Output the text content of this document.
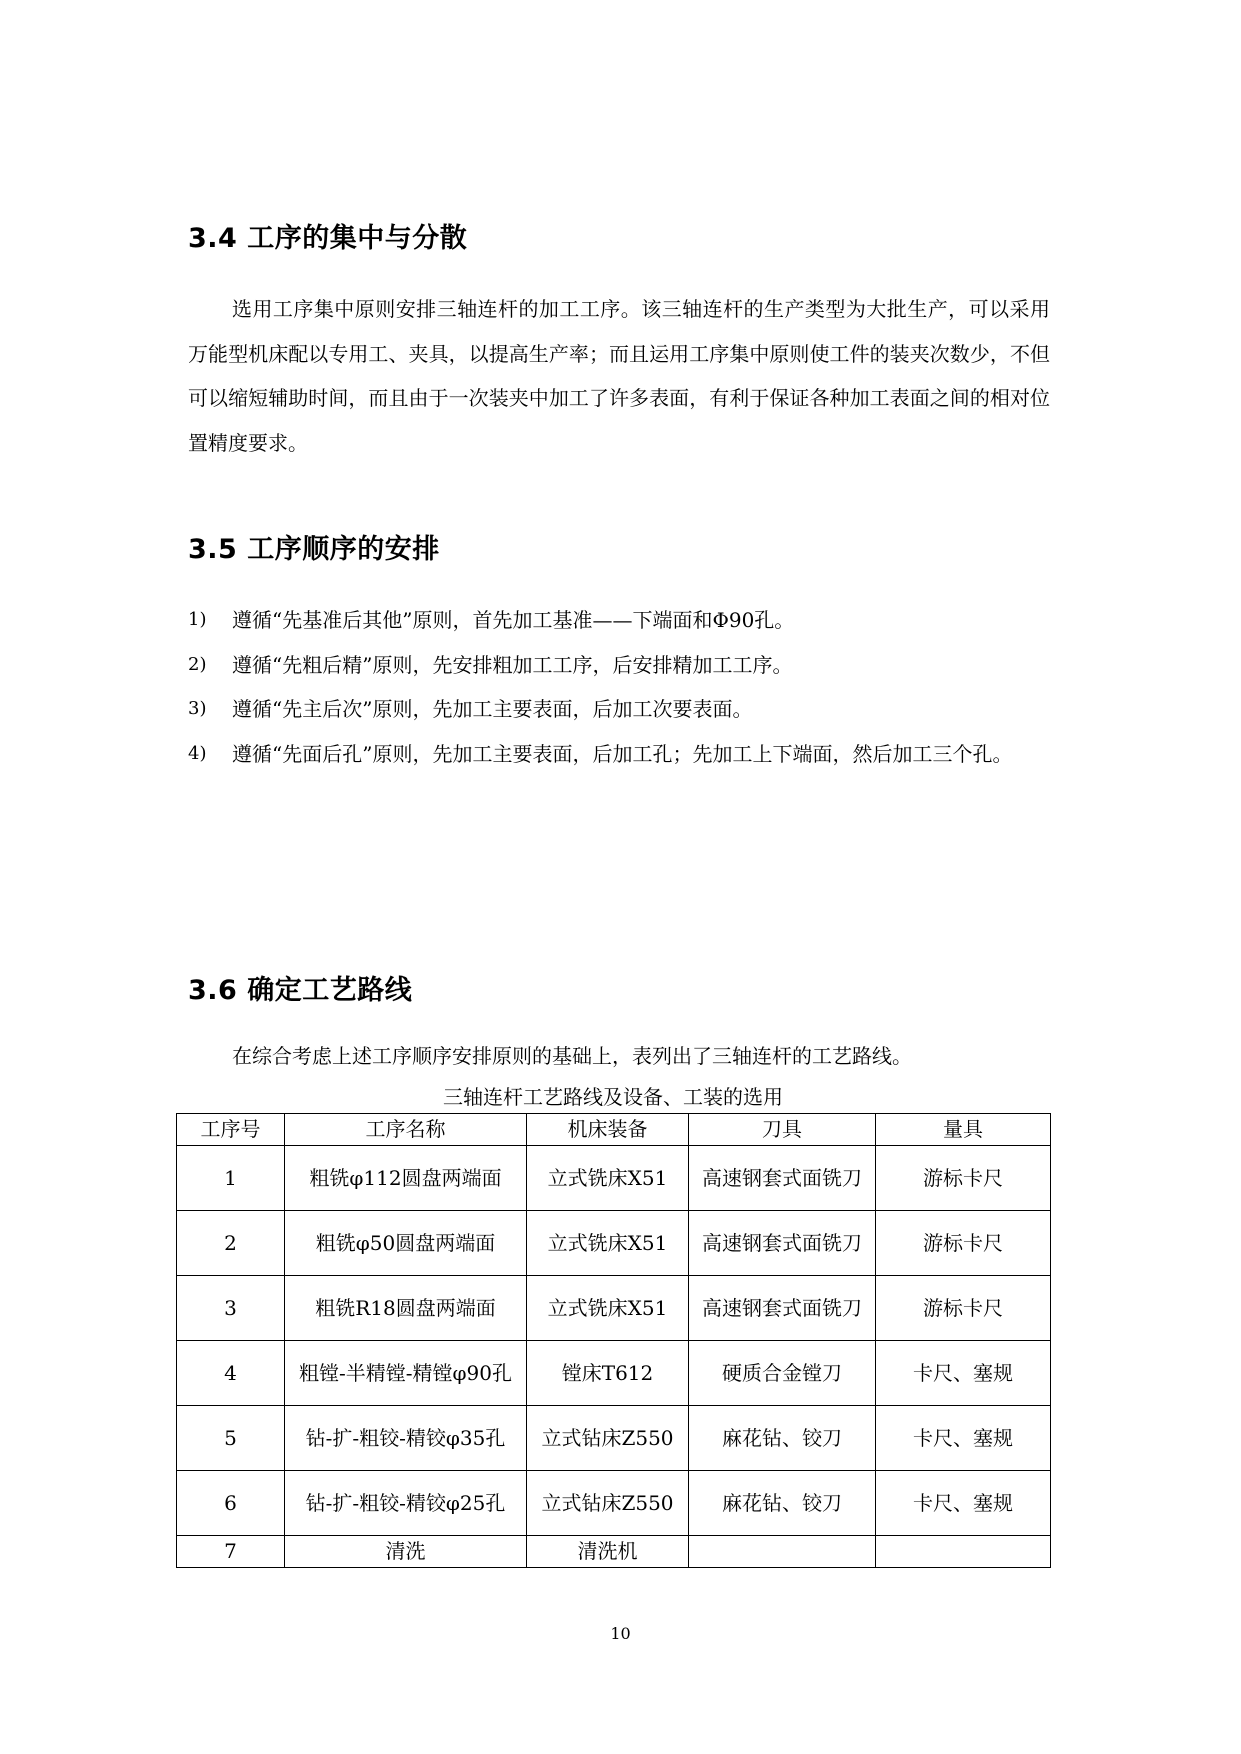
3.4 工序的集中与分散

选用工序集中原则安排三轴连杆的加工工序。该三轴连杆的生产类型为大批生产，可以采用万能型机床配以专用工、夹具，以提高生产率；而且运用工序集中原则使工件的装夹次数少，不但可以缩短辅助时间，而且由于一次装夹中加工了许多表面，有利于保证各种加工表面之间的相对位置精度要求。

3.5 工序顺序的安排
1) 遵循“先基准后其他”原则，首先加工基准——下端面和Φ90孔。
2) 遵循“先粗后精”原则，先安排粗加工工序，后安排精加工工序。
3) 遵循“先主后次”原则，先加工主要表面，后加工次要表面。
4) 遵循“先面后孔”原则，先加工主要表面，后加工孔；先加工上下端面，然后加工三个孔。
3.6 确定工艺路线

在综合考虑上述工序顺序安排原则的基础上，表列出了三轴连杆的工艺路线。

三轴连杆工艺路线及设备、工装的选用

工序号	工序名称	机床装备	刀具	量具
1	粗铣φ112圆盘两端面	立式铣床X51	高速钢套式面铣刀	游标卡尺
2	粗铣φ50圆盘两端面	立式铣床X51	高速钢套式面铣刀	游标卡尺
3	粗铣R18圆盘两端面	立式铣床X51	高速钢套式面铣刀	游标卡尺
4	粗镗-半精镗-精镗φ90孔	镗床T612	硬质合金镗刀	卡尺、塞规
5	钻-扩-粗铰-精铰φ35孔	立式钻床Z550	麻花钻、铰刀	卡尺、塞规
6	钻-扩-粗铰-精铰φ25孔	立式钻床Z550	麻花钻、铰刀	卡尺、塞规
7	清洗	清洗机		

10
